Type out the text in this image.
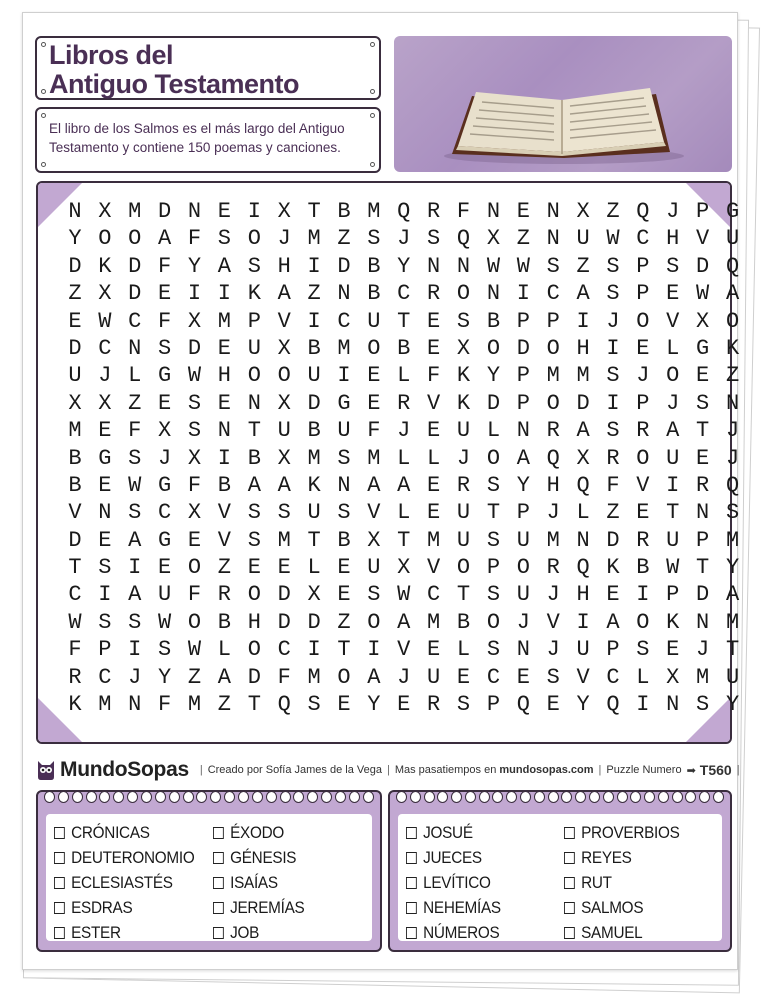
Libros del
Antiguo Testamento

El libro de los Salmos es el más largo del Antiguo Testamento y contiene 150 poemas y canciones.

N X M D N E I X T B M Q R F N E N X Z Q J P G
Y O O A F S O J M Z S J S Q X Z N U W C H V U
D K D F Y A S H I D B Y N N W W S Z S P S D Q
Z X D E I I K A Z N B C R O N I C A S P E W A
E W C F X M P V I C U T E S B P P I J O V X O
D C N S D E U X B M O B E X O D O H I E L G K
U J L G W H O O U I E L F K Y P M M S J O E Z
X X Z E S E N X D G E R V K D P O D I P J S N
M E F X S N T U B U F J E U L N R A S R A T J
B G S J X I B X M S M L L J O A Q X R O U E J
B E W G F B A A K N A A E R S Y H Q F V I R Q
V N S C X V S S U S V L E U T P J L Z E T N S
D E A G E V S M T B X T M U S U M N D R U P M
T S I E O Z E E L E U X V O P O R Q K B W T Y
C I A U F R O D X E S W C T S U J H E I P D A
W S S W O B H D D Z O A M B O J V I A O K N M
F P I S W L O C I T I V E L S N J U P S E J T
R C J Y Z A D F M O A J U E C E S V C L X M U
K M N F M Z T Q S E Y E R S P Q E Y Q I N S Y
MundoSopas | Creado por Sofía James de la Vega | Mas pasatiempos en mundosopas.com | Puzzle Numero ➡ T560 |
CRÓNICAS
DEUTERONOMIO
ECLESIASTÉS
ESDRAS
ESTER
ÉXODO
GÉNESIS
ISAÍAS
JEREMÍAS
JOB
JOSUÉ
JUECES
LEVÍTICO
NEHEMÍAS
NÚMEROS
PROVERBIOS
REYES
RUT
SALMOS
SAMUEL
